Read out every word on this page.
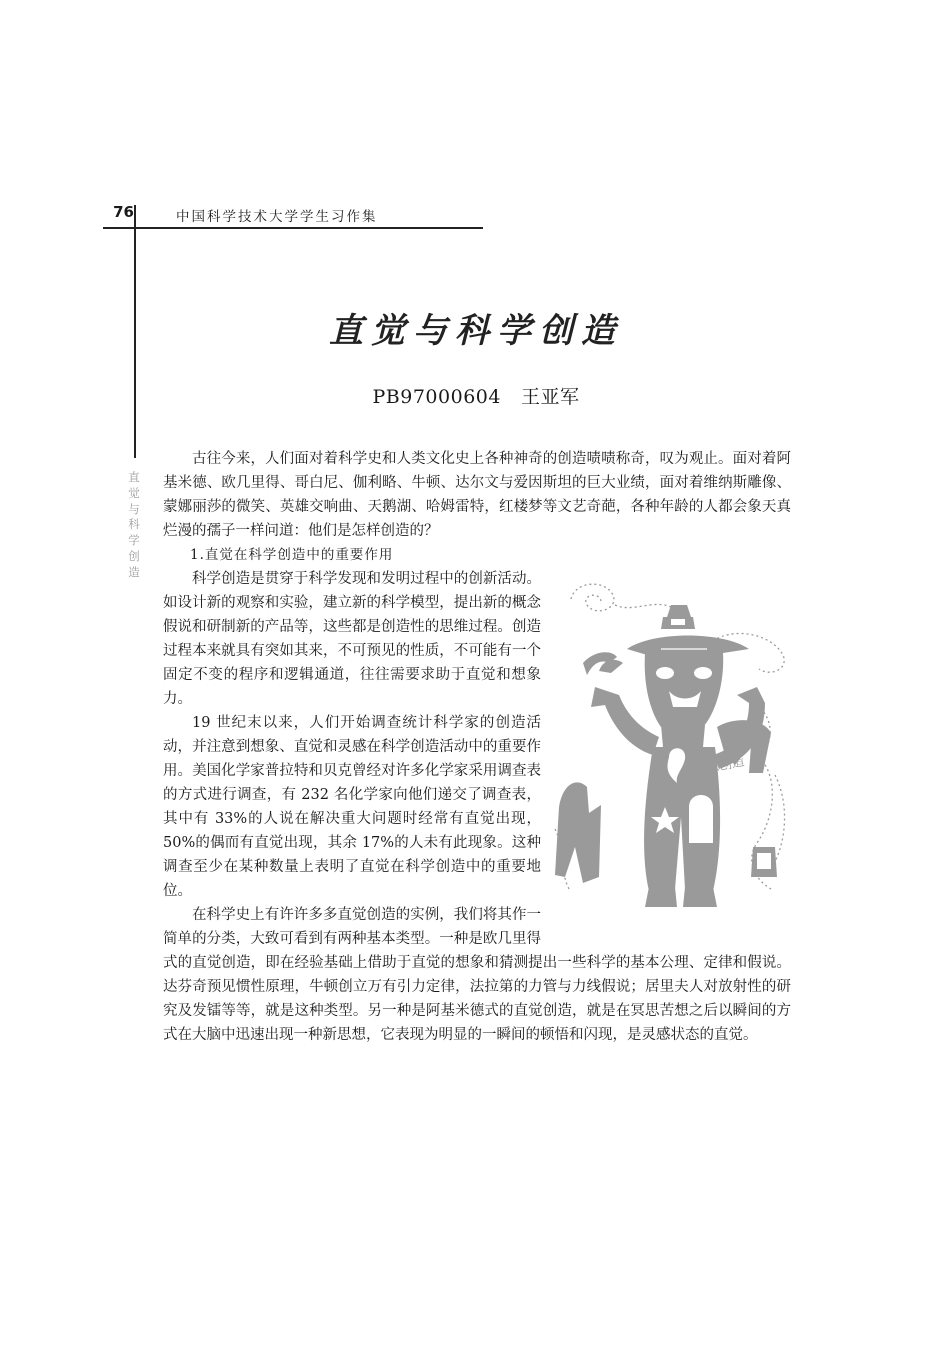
76	中国科学技术大学学生习作集
直
觉
与
科
学
创
造
直觉与科学创造
PB97000604 王亚军

古往今来，人们面对着科学史和人类文化史上各种神奇的创造啧啧称奇，叹为观止。面对着阿基米德、欧几里得、哥白尼、伽利略、牛顿、达尔文与爱因斯坦的巨大业绩，面对着维纳斯雕像、蒙娜丽莎的微笑、英雄交响曲、天鹅湖、哈姆雷特，红楼梦等文艺奇葩，各种年龄的人都会象天真烂漫的孺子一样问道：他们是怎样创造的？

想创造

1.直觉在科学创造中的重要作用

科学创造是贯穿于科学发现和发明过程中的创新活动。如设计新的观察和实验，建立新的科学模型，提出新的概念假说和研制新的产品等，这些都是创造性的思维过程。创造过程本来就具有突如其来，不可预见的性质，不可能有一个固定不变的程序和逻辑通道，往往需要求助于直觉和想象力。

19 世纪末以来，人们开始调查统计科学家的创造活动，并注意到想象、直觉和灵感在科学创造活动中的重要作用。美国化学家普拉特和贝克曾经对许多化学家采用调查表的方式进行调查，有 232 名化学家向他们递交了调查表，其中有 33%的人说在解决重大问题时经常有直觉出现，50%的偶而有直觉出现，其余 17%的人未有此现象。这种调查至少在某种数量上表明了直觉在科学创造中的重要地位。

在科学史上有许许多多直觉创造的实例，我们将其作一简单的分类，大致可看到有两种基本类型。一种是欧几里得式的直觉创造，即在经验基础上借助于直觉的想象和猜测提出一些科学的基本公理、定律和假说。达芬奇预见惯性原理，牛顿创立万有引力定律，法拉第的力管与力线假说；居里夫人对放射性的研究及发镭等等，就是这种类型。另一种是阿基米德式的直觉创造，就是在冥思苦想之后以瞬间的方式在大脑中迅速出现一种新思想，它表现为明显的一瞬间的顿悟和闪现，是灵感状态的直觉。
